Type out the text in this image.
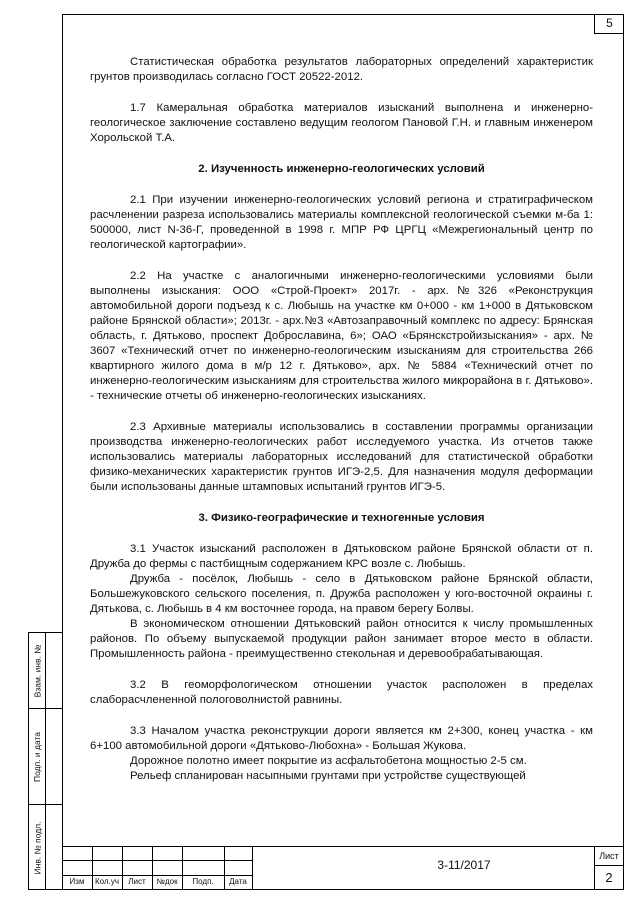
5

Статистическая обработка результатов лабораторных определений характеристик грунтов производилась согласно ГОСТ 20522-2012.

1.7 Камеральная обработка материалов изысканий выполнена и инженерно-геологическое заключение составлено ведущим геологом Пановой Г.Н. и главным инженером Хорольской Т.А.

2. Изученность инженерно-геологических условий

2.1 При изучении инженерно-геологических условий региона и стратиграфическом расчленении разреза использовались материалы комплексной геологической съемки м-ба 1: 500000, лист N-36-Г, проведенной в 1998 г. МПР РФ ЦРГЦ «Межрегиональный центр по геологической картографии».

2.2 На участке с аналогичными инженерно-геологическими условиями были выполнены изыскания: ООО «Строй-Проект» 2017г. - арх.№326 «Реконструкция автомобильной дороги подъезд к с. Любышь на участке км 0+000 - км 1+000 в Дятьковском районе Брянской области»; 2013г. - арх.№3 «Автозаправочный комплекс по адресу: Брянская область, г. Дятьково, проспект Доброславина, 6»; ОАО «Брянскстройизыскания» - арх. № 3607 «Технический отчет по инженерно-геологическим изысканиям для строительства 266 квартирного жилого дома в м/р 12 г. Дятьково», арх. № 5884 «Технический отчет по инженерно-геологическим изысканиям для строительства жилого микрорайона в г. Дятьково». - технические отчеты об инженерно-геологических изысканиях.

2.3 Архивные материалы использовались в составлении программы организации производства инженерно-геологических работ исследуемого участка. Из отчетов также использовались материалы лабораторных исследований для статистической обработки физико-механических характеристик грунтов ИГЭ-2,5. Для назначения модуля деформации были использованы данные штамповых испытаний грунтов ИГЭ-5.

3. Физико-географические и техногенные условия

3.1 Участок изысканий расположен в Дятьковском районе Брянской области от п. Дружба до фермы с пастбищным содержанием КРС возле с. Любышь.

Дружба - посёлок, Любышь - село в Дятьковском районе Брянской области, Большежуковского сельского поселения, п. Дружба расположен у юго-восточной окраины г. Дятькова, с. Любышь в 4 км восточнее города, на правом берегу Болвы.

В экономическом отношении Дятьковский район относится к числу промышленных районов. По объему выпускаемой продукции район занимает второе место в области. Промышленность района - преимущественно стекольная и деревообрабатывающая.

3.2 В геоморфологическом отношении участок расположен в пределах слаборасчлененной пологоволнистой равнины.

3.3 Началом участка реконструкции дороги является км 2+300, конец участка - км 6+100 автомобильной дороги «Дятьково-Любохна» - Большая Жукова.

Дорожное полотно имеет покрытие из асфальтобетона мощностью 2-5 см.

Рельеф спланирован насыпными грунтами при устройстве существующей

Взам. инв. №
Подп. и дата
Инв. № подл.
Изм	Кол.уч	Лист	№док	Подп.	Дата
3-11/2017
Лист
2
